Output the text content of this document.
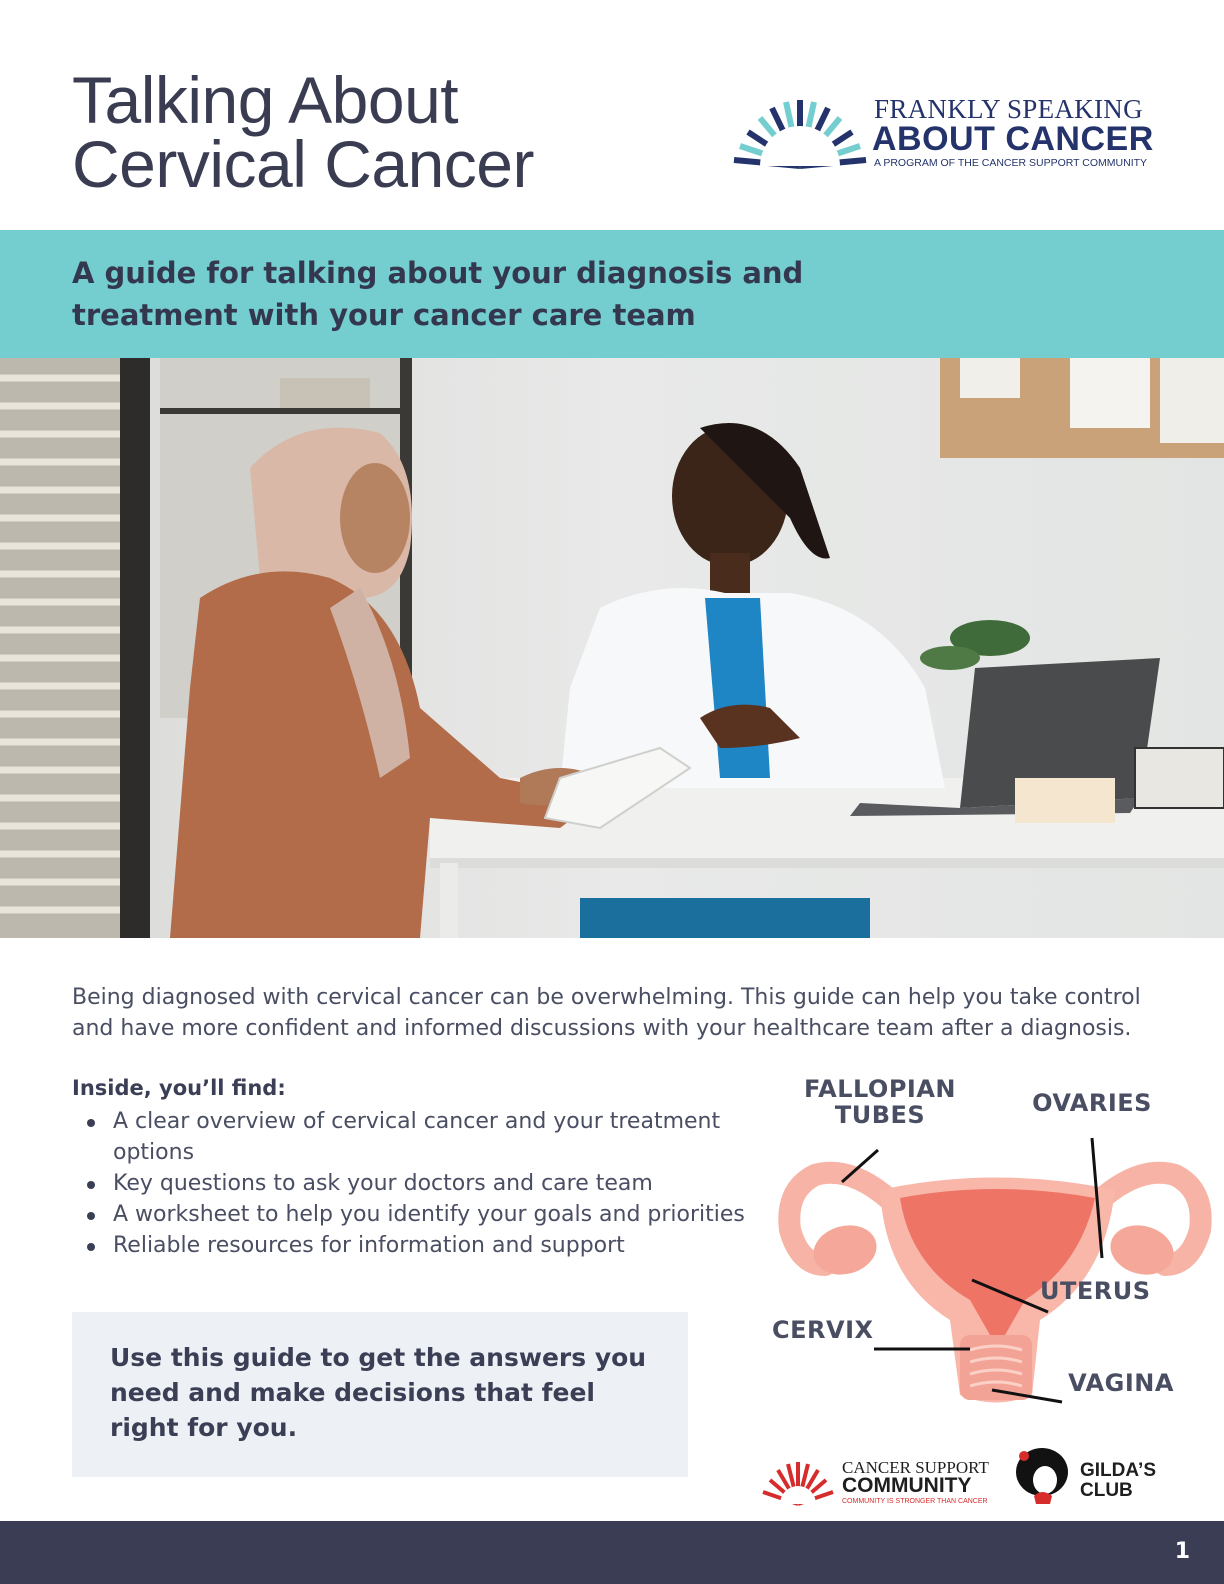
Talking About
Cervical Cancer
FRANKLY SPEAKING
ABOUT CANCER
A PROGRAM OF THE CANCER SUPPORT COMMUNITY

A guide for talking about your diagnosis and treatment with your cancer care team

Being diagnosed with cervical cancer can be overwhelming. This guide can help you take control and have more confident and informed discussions with your healthcare team after a diagnosis.

Inside, you’ll find:

A clear overview of cervical cancer and your treatment options
Key questions to ask your doctors and care team
A worksheet to help you identify your goals and priorities
Reliable resources for information and support

Use this guide to get the answers you need and make decisions that feel right for you.

FALLOPIAN TUBES	OVARIES
UTERUS
CERVIX
VAGINA
CANCER SUPPORT
COMMUNITY
COMMUNITY IS STRONGER THAN CANCER
GILDA’S
CLUB
1
